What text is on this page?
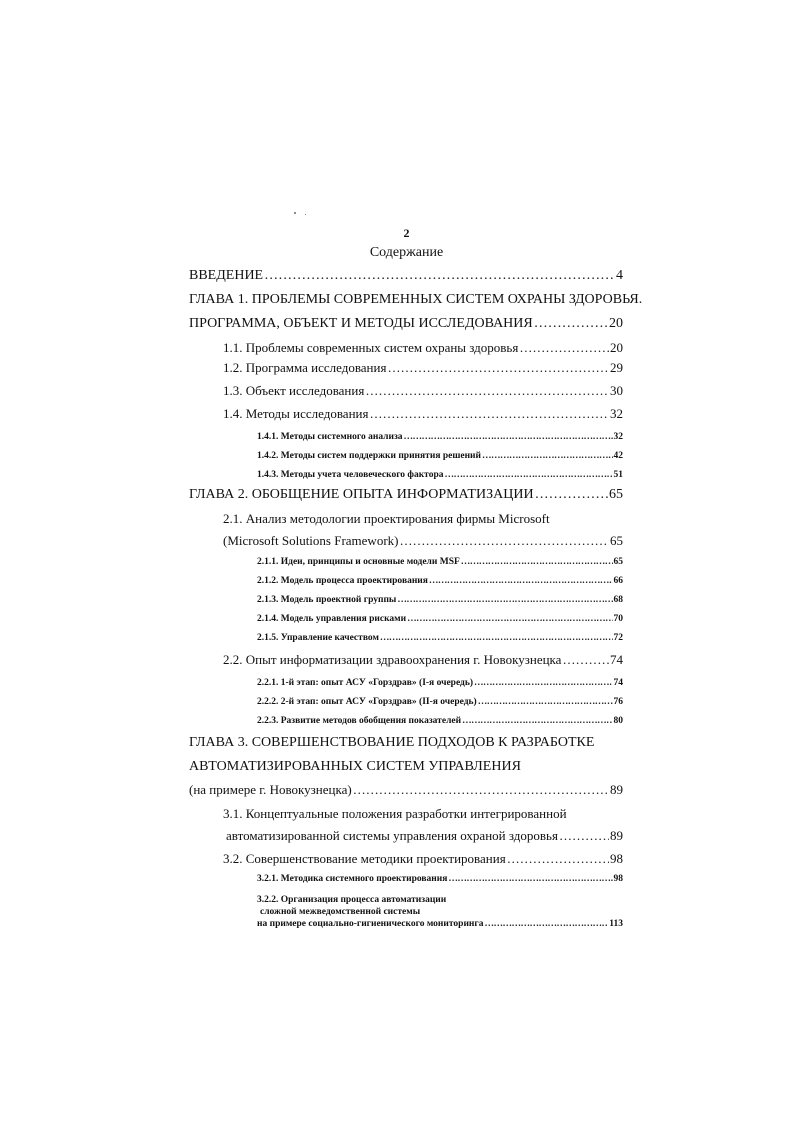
2
Содержание
ВВЕДЕНИЕ …………………………………………………………………………………………………………………………………………………………………………………………	4
ГЛАВА 1. ПРОБЛЕМЫ СОВРЕМЕННЫХ СИСТЕМ ОХРАНЫ ЗДОРОВЬЯ.
ПРОГРАММА, ОБЪЕКТ И МЕТОДЫ ИССЛЕДОВАНИЯ …………………………………………………………………………………………………………………………………………………………………………………………	20
1.1. Проблемы современных систем охраны здоровья …………………………………………………………………………………………………………………………………………………………………………………………	20
1.2. Программа исследования …………………………………………………………………………………………………………………………………………………………………………………………	29
1.3. Объект исследования …………………………………………………………………………………………………………………………………………………………………………………………	30
1.4. Методы исследования …………………………………………………………………………………………………………………………………………………………………………………………	32
1.4.1. Методы системного анализа …………………………………………………………………………………………………………………………………………………………………………………………	32
1.4.2. Методы систем поддержки принятия решений …………………………………………………………………………………………………………………………………………………………………………………………	42
1.4.3. Методы учета человеческого фактора …………………………………………………………………………………………………………………………………………………………………………………………	51
ГЛАВА 2. ОБОБЩЕНИЕ ОПЫТА ИНФОРМАТИЗАЦИИ …………………………………………………………………………………………………………………………………………………………………………………………	65
2.1. Анализ методологии проектирования фирмы Microsoft
(Microsoft Solutions Framework) …………………………………………………………………………………………………………………………………………………………………………………………	65
2.1.1. Идеи, принципы и основные модели MSF …………………………………………………………………………………………………………………………………………………………………………………………	65
2.1.2. Модель процесса проектирования …………………………………………………………………………………………………………………………………………………………………………………………	66
2.1.3. Модель проектной группы …………………………………………………………………………………………………………………………………………………………………………………………	68
2.1.4. Модель управления рисками …………………………………………………………………………………………………………………………………………………………………………………………	70
2.1.5. Управление качеством …………………………………………………………………………………………………………………………………………………………………………………………	72
2.2. Опыт информатизации здравоохранения г. Новокузнецка …………………………………………………………………………………………………………………………………………………………………………………………	74
2.2.1. 1-й этап: опыт АСУ «Горздрав» (I-я очередь) …………………………………………………………………………………………………………………………………………………………………………………………	74
2.2.2. 2-й этап: опыт АСУ «Горздрав» (II-я очередь) …………………………………………………………………………………………………………………………………………………………………………………………	76
2.2.3. Развитие методов обобщения показателей …………………………………………………………………………………………………………………………………………………………………………………………	80
ГЛАВА 3. СОВЕРШЕНСТВОВАНИЕ ПОДХОДОВ К РАЗРАБОТКЕ
АВТОМАТИЗИРОВАННЫХ СИСТЕМ УПРАВЛЕНИЯ
(на примере г. Новокузнецка) …………………………………………………………………………………………………………………………………………………………………………………………	89
3.1. Концептуальные положения разработки интегрированной
автоматизированной системы управления охраной здоровья …………………………………………………………………………………………………………………………………………………………………………………………	89
3.2. Совершенствование методики проектирования …………………………………………………………………………………………………………………………………………………………………………………………	98
3.2.1. Методика системного проектирования …………………………………………………………………………………………………………………………………………………………………………………………	98
3.2.2. Организация процесса автоматизации
сложной межведомственной системы
на примере социально-гигиенического мониторинга …………………………………………………………………………………………………………………………………………………………………………………………	113
